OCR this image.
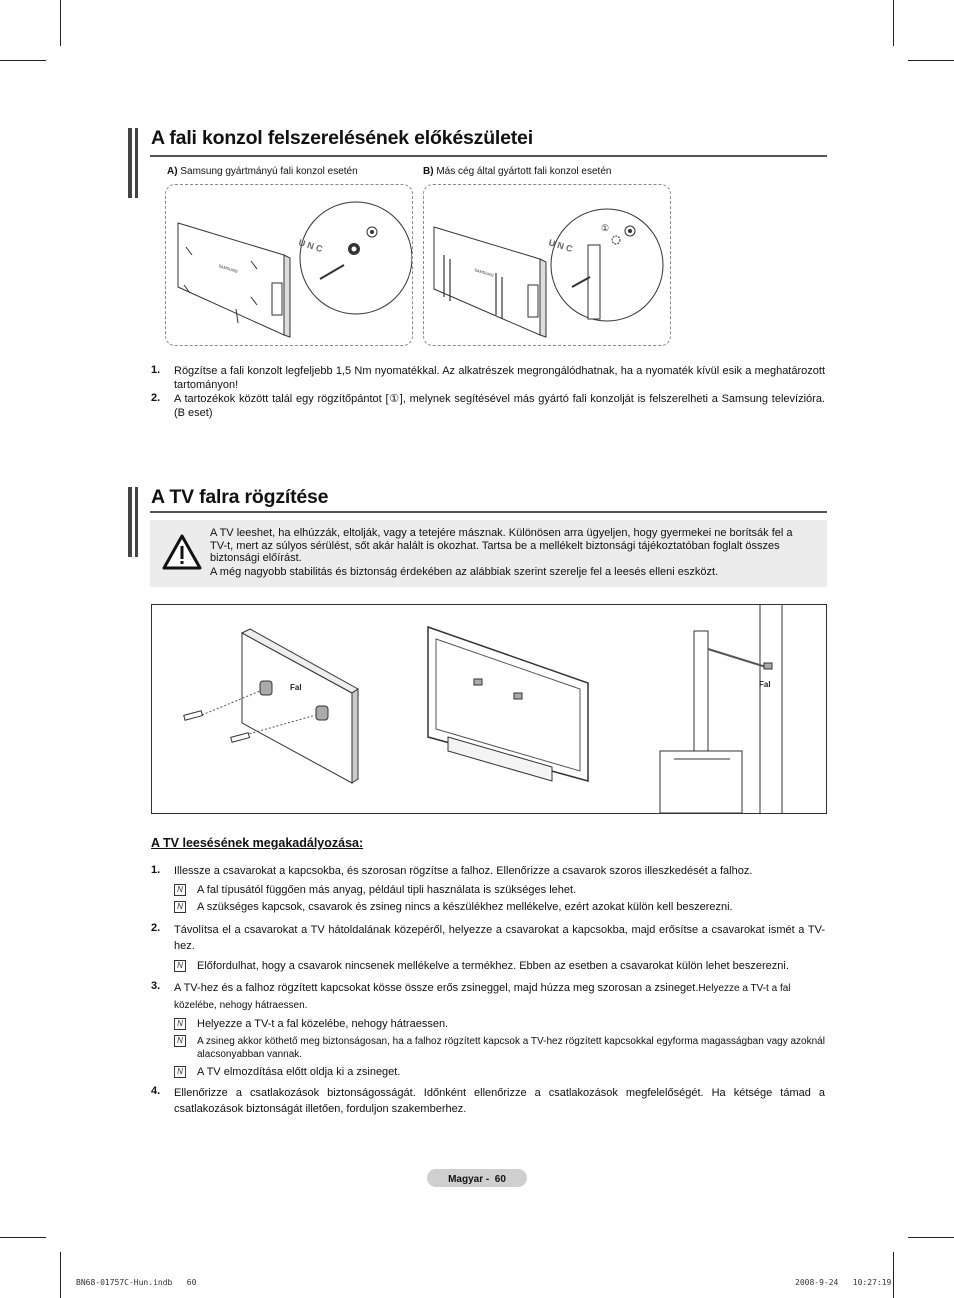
A fali konzol felszerelésének előkészületei
A) Samsung gyártmányú fali konzol esetén	B) Más cég által gyártott fali konzol esetén
SAMSUNG
U N C
SAMSUNG
U N C
①
1. Rögzítse a fali konzolt legfeljebb 1,5 Nm nyomatékkal. Az alkatrészek megrongálódhatnak, ha a nyomaték kívül esik a meghatározott tartományon!
2. A tartozékok között talál egy rögzítőpántot [①], melynek segítésével más gyártó fali konzolját is felszerelheti a Samsung televízióra. (B eset)
A TV falra rögzítése
A TV leeshet, ha elhúzzák, eltolják, vagy a tetejére másznak. Különösen arra ügyeljen, hogy gyermekei ne borítsák fel a TV-t, mert az súlyos sérülést, sőt akár halált is okozhat. Tartsa be a mellékelt biztonsági tájékoztatóban foglalt összes biztonsági előírást.
A még nagyobb stabilitás és biztonság érdekében az alábbiak szerint szerelje fel a leesés elleni eszközt.
Fal	Fal
A TV leesésének megakadályozása:
1. Illessze a csavarokat a kapcsokba, és szorosan rögzítse a falhoz. Ellenőrizze a csavarok szoros illeszkedését a falhoz.
N A fal típusától függően más anyag, például tipli használata is szükséges lehet.
N A szükséges kapcsok, csavarok és zsineg nincs a készülékhez mellékelve, ezért azokat külön kell beszerezni.
2. Távolítsa el a csavarokat a TV hátoldalának közepéről, helyezze a csavarokat a kapcsokba, majd erősítse a csavarokat ismét a TV-hez.
N Előfordulhat, hogy a csavarok nincsenek mellékelve a termékhez. Ebben az esetben a csavarokat külön lehet beszerezni.
3. A TV-hez és a falhoz rögzített kapcsokat kösse össze erős zsineggel, majd húzza meg szorosan a zsineget.Helyezze a TV-t a fal közelébe, nehogy hátraessen.
N Helyezze a TV-t a fal közelébe, nehogy hátraessen.
N	A zsineg akkor köthető meg biztonságosan, ha a falhoz rögzített kapcsok a TV-hez rögzített kapcsokkal egyforma magasságban vagy azoknál alacsonyabban vannak.
N A TV elmozdítása előtt oldja ki a zsineget.
4. Ellenőrizze a csatlakozások biztonságosságát. Időnként ellenőrizze a csatlakozások megfelelőségét. Ha kétsége támad a csatlakozások biztonságát illetően, forduljon szakemberhez.
Magyar -  60
BN68-01757C-Hun.indb   60	2008-9-24   10:27:19
